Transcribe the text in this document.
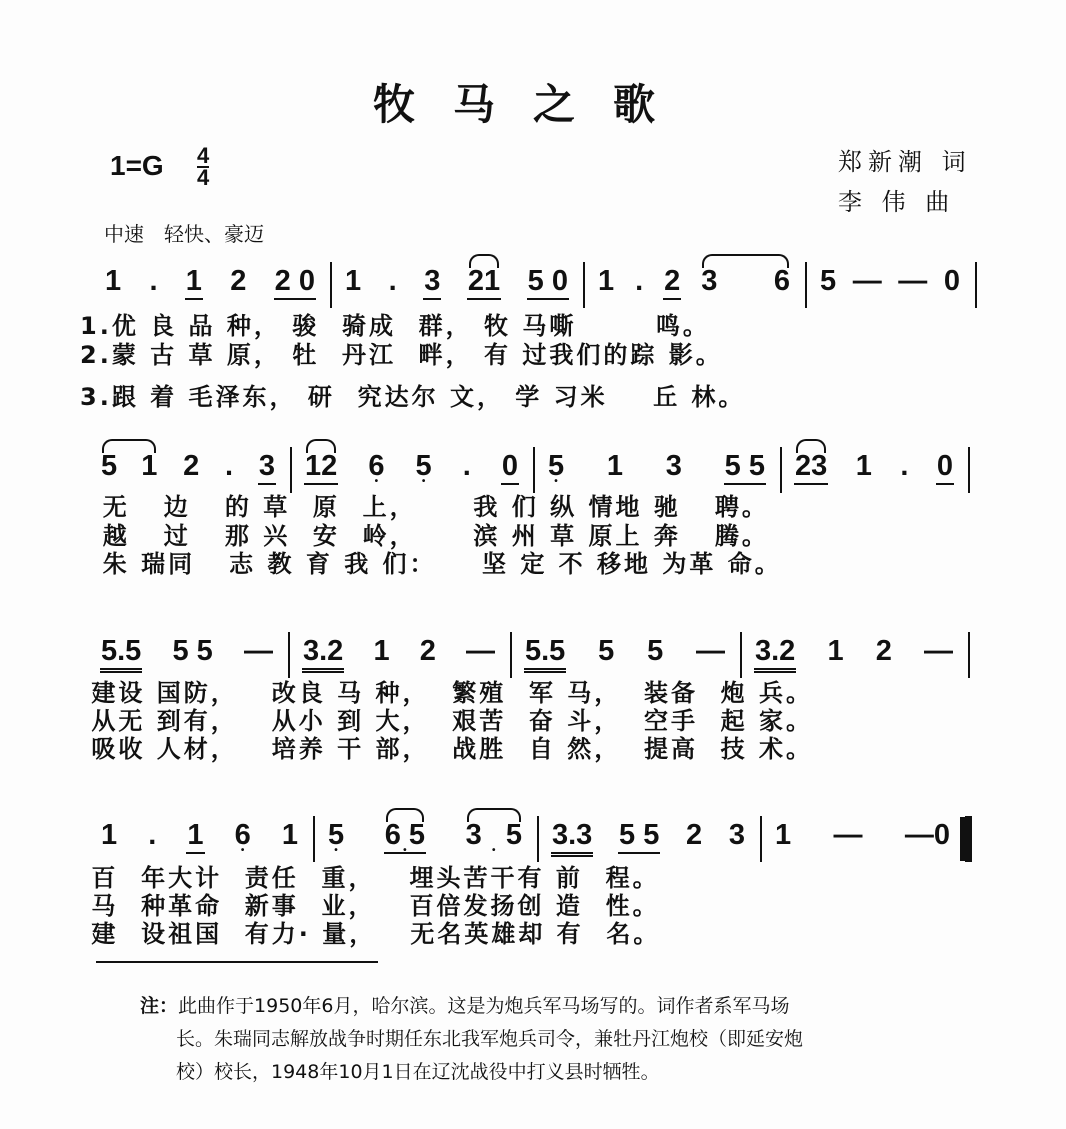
牧马之歌
1=G 4
4
郑新潮 词
李 伟 曲
中速　轻快、豪迈
1 . 1 2 2 0 1 . 3 21 5 0 1 . 2 3       6 5 — — 0
1.优 良 品 种， 骏  骑成  群， 牧 马嘶       鸣。
2.蒙 古 草 原， 牡  丹江  畔， 有 过我们的踪 影。
3.跟 着 毛泽东， 研  究达尔 文， 学 习米    丘 林。
5   1 2 . 3 12 6 • 5 • . 0 5 • 1 3 5 5 23 1 . 0
无   边   的 草  原  上，     我 们 纵 情地 驰   聘。
越   过   那 兴  安  岭，     滨 州 草 原上 奔   腾。
朱 瑞同   志 教 育 我 们：    坚 定 不 移地 为革 命。
5.5 5 5 — 3.2 1 2 — 5.5 5 5 — 3.2 1 2 —
建设 国防，   改良 马 种，  繁殖  军 马，  装备  炮 兵。
从无 到有，   从小 到 大，  艰苦  奋 斗，  空手  起 家。
吸收 人材，   培养 干 部，  战胜  自 然，  提高  技 术。
1 . 1 6 • 1 5 • 6 5 • 3   5 • 3.3 5 5 2 3 1 — —0
百  年大计  责任  重，   埋头苦干有 前  程。
马  种革命  新事  业，   百倍发扬创 造  性。
建  设祖国  有力· 量，   无名英雄却 有  名。
注：此曲作于1950年6月，哈尔滨。这是为炮兵军马场写的。词作者系军马场
长。朱瑞同志解放战争时期任东北我军炮兵司令，兼牡丹江炮校（即延安炮
校）校长，1948年10月1日在辽沈战役中打义县时牺牲。
